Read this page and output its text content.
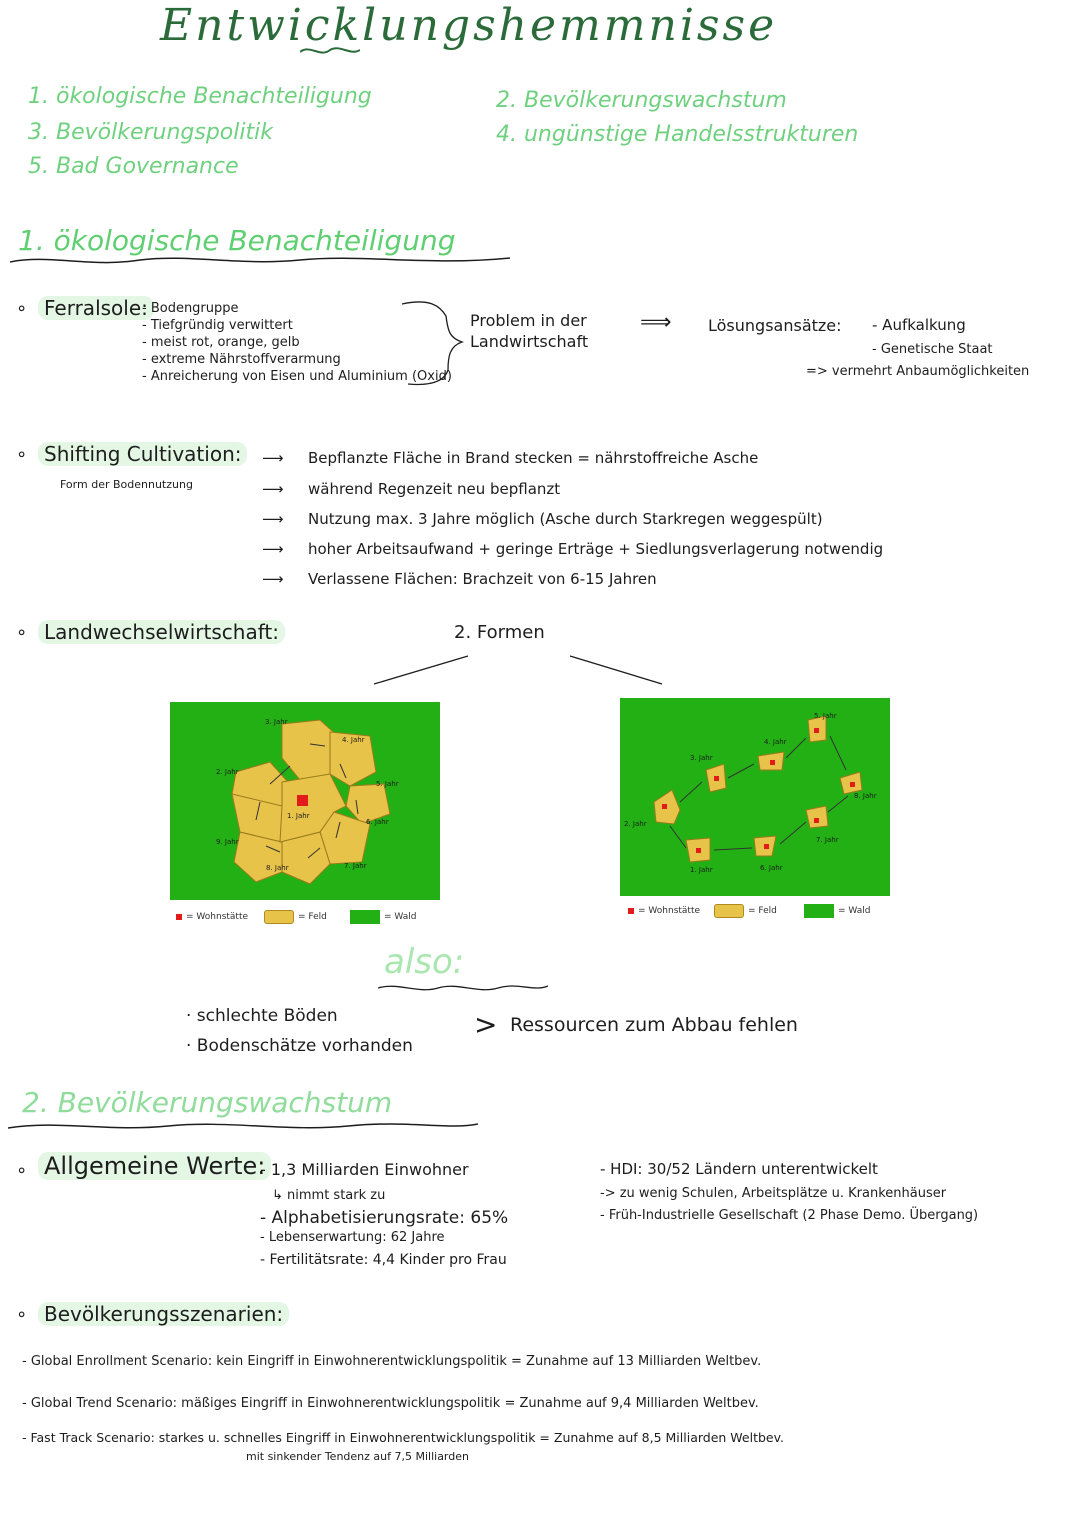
Entwicklungshemmnisse
1. ökologische Benachteiligung	2. Bevölkerungswachstum
3. Bevölkerungspolitik	4. ungünstige Handelsstrukturen
5. Bad Governance
1. ökologische Benachteiligung
∘ Ferralsole:
- Bodengruppe
- Tiefgründig verwittert
- meist rot, orange, gelb
- extreme Nährstoffverarmung
- Anreicherung von Eisen und Aluminium (Oxid)
Problem in der Landwirtschaft
⟹ Lösungsansätze: - Aufkalkung
- Genetische Staat
=> vermehrt Anbaumöglichkeiten
∘ Shifting Cultivation:
Form der Bodennutzung
⟶ Bepflanzte Fläche in Brand stecken = nährstoffreiche Asche
⟶ während Regenzeit neu bepflanzt
⟶ Nutzung max. 3 Jahre möglich (Asche durch Starkregen weggespült)
⟶ hoher Arbeitsaufwand + geringe Erträge + Siedlungsverlagerung notwendig
⟶ Verlassene Flächen: Brachzeit von 6-15 Jahren
∘ Landwechselwirtschaft:	2. Formen
3. Jahr
4. Jahr
2. Jahr
5. Jahr
1. Jahr
6. Jahr
9. Jahr
8. Jahr	7. Jahr
= Wohnstätte	= Feld	= Wald
2. Jahr
3. Jahr
4. Jahr
5. Jahr
8. Jahr
7. Jahr
6. Jahr
1. Jahr
= Wohnstätte	= Feld	= Wald
also:
· schlechte Böden
· Bodenschätze vorhanden
> Ressourcen zum Abbau fehlen
2. Bevölkerungswachstum
∘ Allgemeine Werte:
- 1,3 Milliarden Einwohner
↳ nimmt stark zu
- Alphabetisierungsrate: 65%
- Lebenserwartung: 62 Jahre
- Fertilitätsrate: 4,4 Kinder pro Frau
- HDI: 30/52 Ländern unterentwickelt
-> zu wenig Schulen, Arbeitsplätze u. Krankenhäuser
- Früh-Industrielle Gesellschaft (2 Phase Demo. Übergang)
∘ Bevölkerungsszenarien:
- Global Enrollment Scenario: kein Eingriff in Einwohnerentwicklungspolitik = Zunahme auf 13 Milliarden Weltbev.
- Global Trend Scenario: mäßiges Eingriff in Einwohnerentwicklungspolitik = Zunahme auf 9,4 Milliarden Weltbev.
- Fast Track Scenario: starkes u. schnelles Eingriff in Einwohnerentwicklungspolitik = Zunahme auf 8,5 Milliarden Weltbev.
mit sinkender Tendenz auf 7,5 Milliarden
